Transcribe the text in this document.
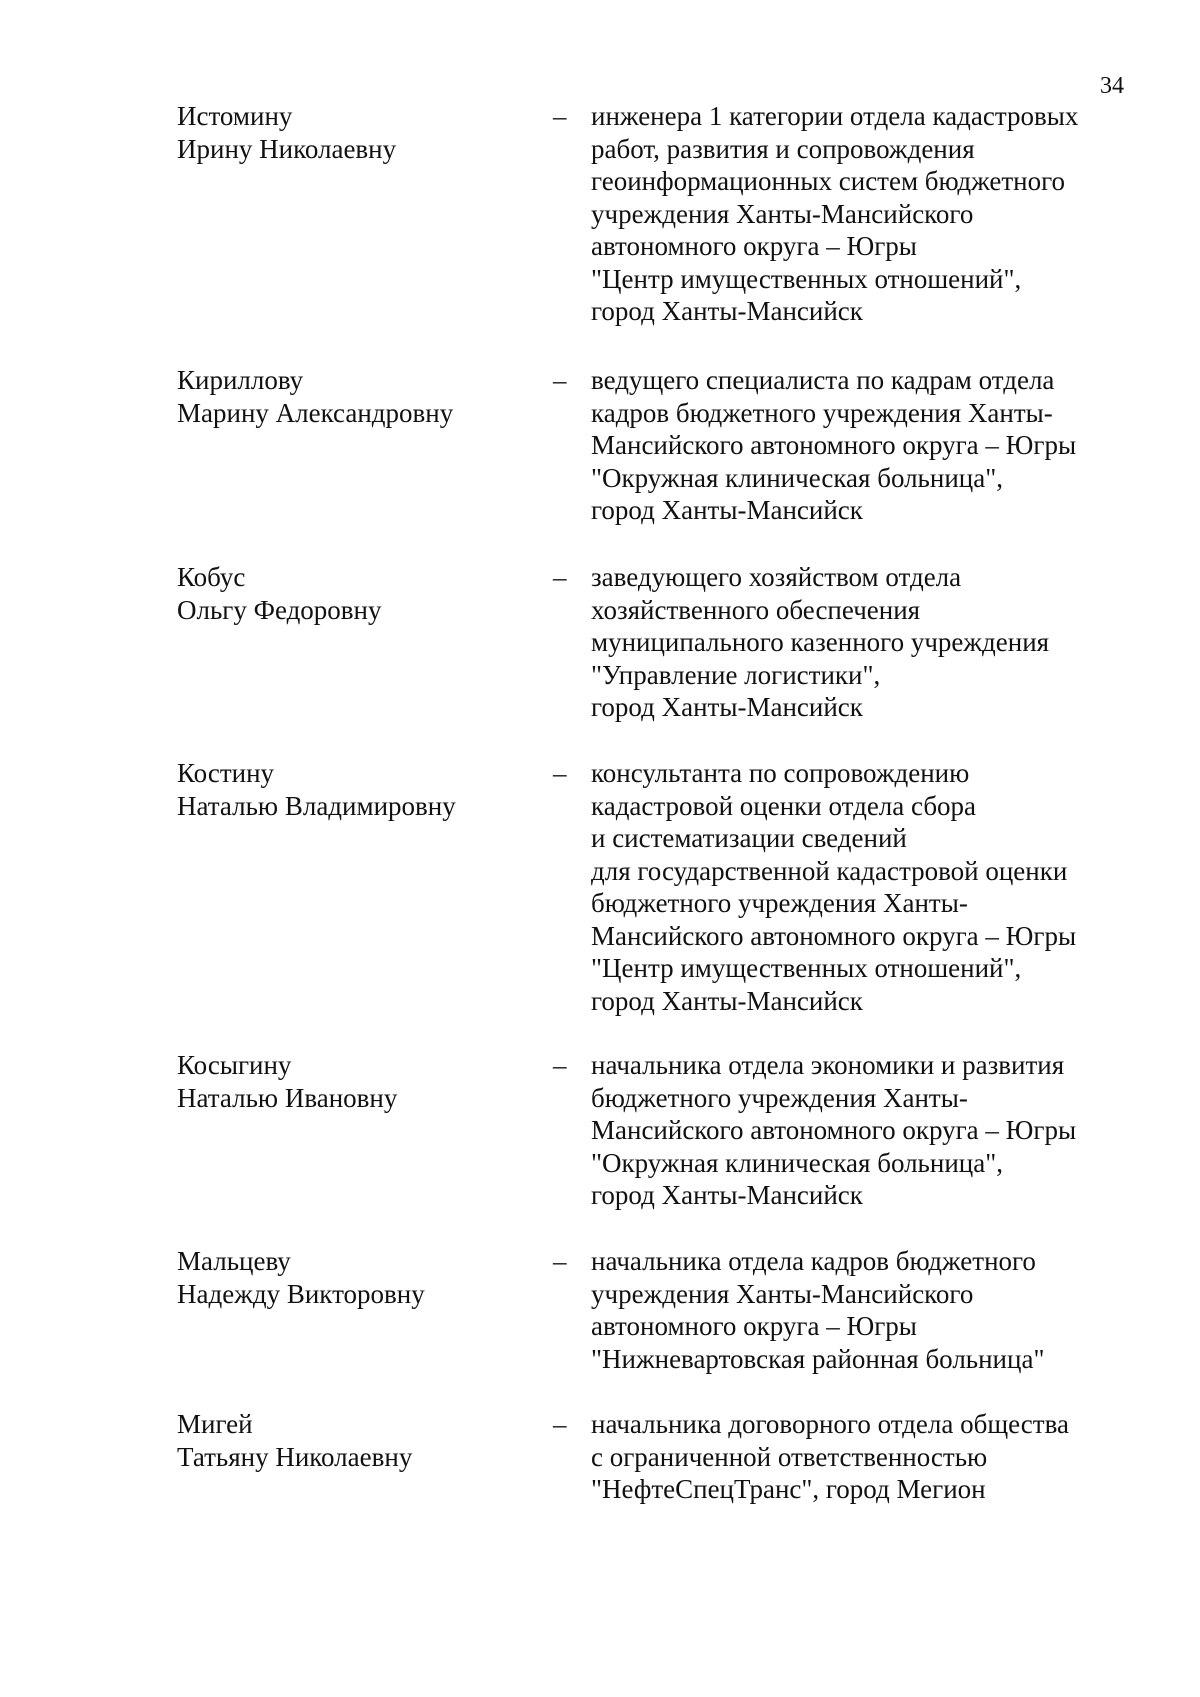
34
Истомину
Ирину Николаевну
– инженера 1 категории отдела кадастровых
работ, развития и сопровождения
геоинформационных систем бюджетного
учреждения Ханты-Мансийского
автономного округа – Югры
"Центр имущественных отношений",
город Ханты-Мансийск
Кириллову
Марину Александровну
– ведущего специалиста по кадрам отдела
кадров бюджетного учреждения Ханты-
Мансийского автономного округа – Югры
"Окружная клиническая больница",
город Ханты-Мансийск
Кобус
Ольгу Федоровну
– заведующего хозяйством отдела
хозяйственного обеспечения
муниципального казенного учреждения
"Управление логистики",
город Ханты-Мансийск
Костину
Наталью Владимировну
– консультанта по сопровождению
кадастровой оценки отдела сбора
и систематизации сведений
для государственной кадастровой оценки
бюджетного учреждения Ханты-
Мансийского автономного округа – Югры
"Центр имущественных отношений",
город Ханты-Мансийск
Косыгину
Наталью Ивановну
– начальника отдела экономики и развития
бюджетного учреждения Ханты-
Мансийского автономного округа – Югры
"Окружная клиническая больница",
город Ханты-Мансийск
Мальцеву
Надежду Викторовну
– начальника отдела кадров бюджетного
учреждения Ханты-Мансийского
автономного округа – Югры
"Нижневартовская районная больница"
Мигей
Татьяну Николаевну
– начальника договорного отдела общества
с ограниченной ответственностью
"НефтеСпецТранс", город Мегион
